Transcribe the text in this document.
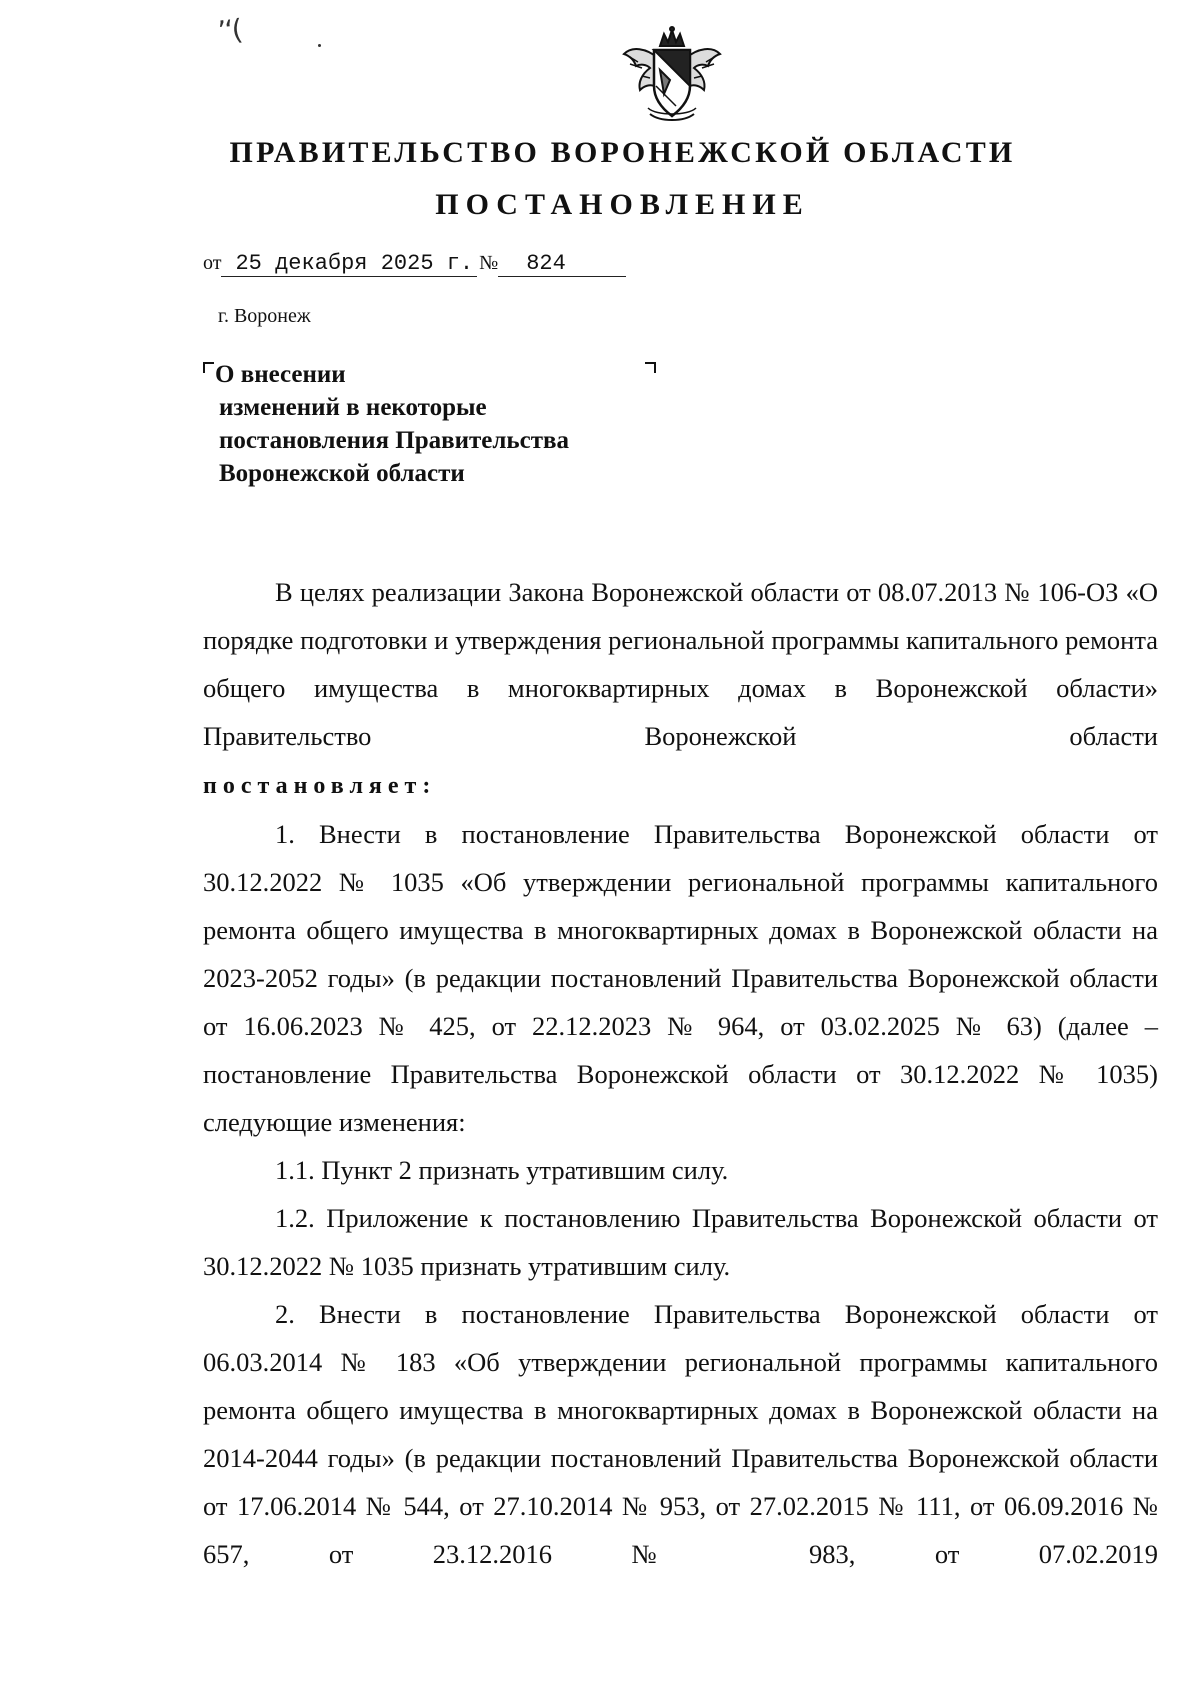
’‘(
ПРАВИТЕЛЬСТВО ВОРОНЕЖСКОЙ ОБЛАСТИ
ПОСТАНОВЛЕНИЕ
от 25 декабря 2025 г. № 824
г. Воронеж
О внесении
изменений в некоторые
постановления Правительства
Воронежской области

В целях реализации Закона Воронежской области от 08.07.2013 № 106-ОЗ «О порядке подготовки и утверждения региональной программы капитального ремонта общего имущества в многоквартирных домах в Воронежской области» Правительство Воронежской области

постановляет:

1. Внести в постановление Правительства Воронежской области от 30.12.2022 № 1035 «Об утверждении региональной программы капитального ремонта общего имущества в многоквартирных домах в Воронежской области на 2023-2052 годы» (в редакции постановлений Правительства Воронежской области от 16.06.2023 № 425, от 22.12.2023 № 964, от 03.02.2025 № 63) (далее – постановление Правительства Воронежской области от 30.12.2022 № 1035) следующие изменения:

1.1. Пункт 2 признать утратившим силу.

1.2. Приложение к постановлению Правительства Воронежской области от 30.12.2022 № 1035 признать утратившим силу.

2. Внести в постановление Правительства Воронежской области от 06.03.2014 № 183 «Об утверждении региональной программы капитального ремонта общего имущества в многоквартирных домах в Воронежской области на 2014-2044 годы» (в редакции постановлений Правительства Воронежской области от 17.06.2014 № 544, от 27.10.2014 № 953, от 27.02.2015 № 111, от 06.09.2016 № 657, от 23.12.2016 № 983, от 07.02.2019
